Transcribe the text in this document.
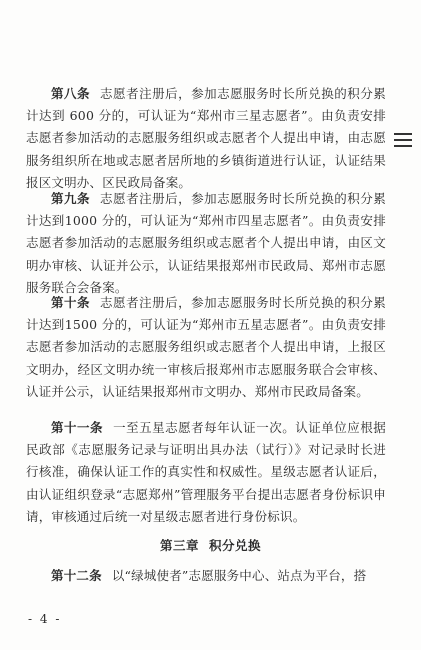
第八条 志愿者注册后，参加志愿服务时长所兑换的积分累计达到 600 分的，可认证为“郑州市三星志愿者”。由负责安排志愿者参加活动的志愿服务组织或志愿者个人提出申请，由志愿服务组织所在地或志愿者居所地的乡镇街道进行认证，认证结果报区文明办、区民政局备案。

第九条 志愿者注册后，参加志愿服务时长所兑换的积分累计达到1000 分的，可认证为“郑州市四星志愿者”。由负责安排志愿者参加活动的志愿服务组织或志愿者个人提出申请，由区文明办审核、认证并公示，认证结果报郑州市民政局、郑州市志愿服务联合会备案。

第十条 志愿者注册后，参加志愿服务时长所兑换的积分累计达到1500 分的，可认证为“郑州市五星志愿者”。由负责安排志愿者参加活动的志愿服务组织或志愿者个人提出申请，上报区文明办，经区文明办统一审核后报郑州市志愿服务联合会审核、认证并公示，认证结果报郑州市文明办、郑州市民政局备案。

第十一条 一至五星志愿者每年认证一次。认证单位应根据民政部《志愿服务记录与证明出具办法（试行）》对记录时长进行核准，确保认证工作的真实性和权威性。星级志愿者认证后，由认证组织登录“志愿郑州”管理服务平台提出志愿者身份标识申请，审核通过后统一对星级志愿者进行身份标识。

第三章 积分兑换

第十二条 以“绿城使者”志愿服务中心、站点为平台，搭

- 4 -
